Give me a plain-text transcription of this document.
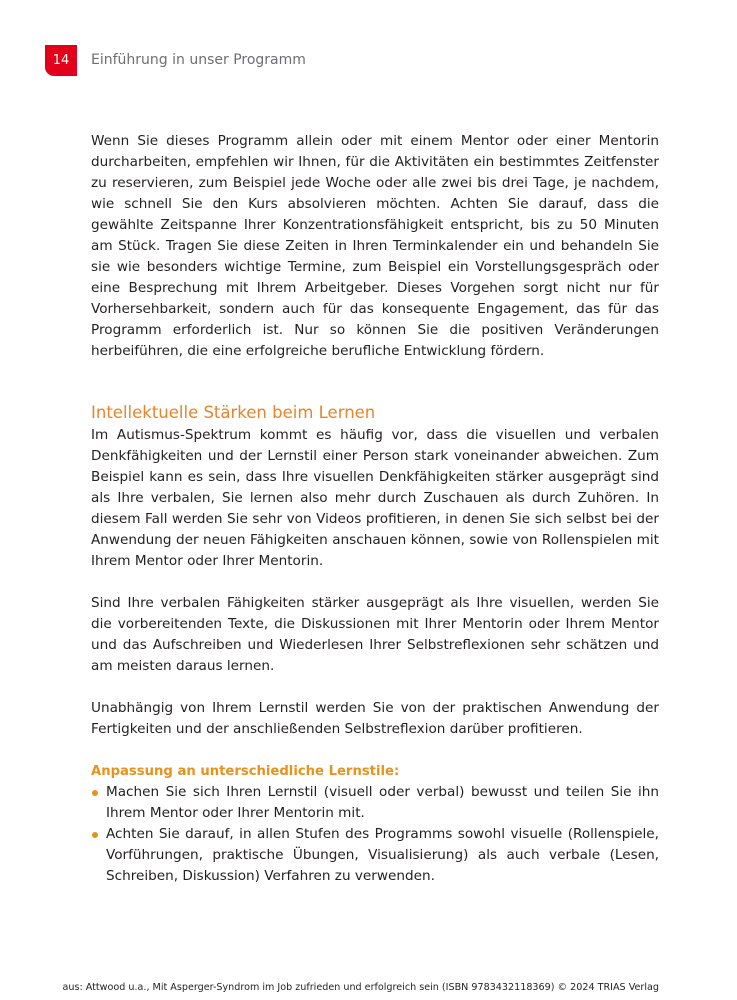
14	Einführung in unser Programm

Wenn Sie dieses Programm allein oder mit einem Mentor oder einer Mentorin durcharbeiten, empfehlen wir Ihnen, für die Aktivitäten ein bestimmtes Zeitfenster zu reservieren, zum Beispiel jede Woche oder alle zwei bis drei Tage, je nachdem, wie schnell Sie den Kurs absolvieren möchten. Achten Sie darauf, dass die gewählte Zeitspanne Ihrer Konzentrationsfähigkeit entspricht, bis zu 50 Minuten am Stück. Tragen Sie diese Zeiten in Ihren Terminkalender ein und behandeln Sie sie wie besonders wichtige Termine, zum Beispiel ein Vorstellungsgespräch oder eine Besprechung mit Ihrem Arbeitgeber. Dieses Vorgehen sorgt nicht nur für Vorhersehbarkeit, sondern auch für das konsequente Engagement, das für das Programm erforderlich ist. Nur so können Sie die positiven Veränderungen herbeiführen, die eine erfolgreiche berufliche Entwicklung fördern.

Intellektuelle Stärken beim Lernen

Im Autismus-Spektrum kommt es häufig vor, dass die visuellen und verbalen Denkfähigkeiten und der Lernstil einer Person stark voneinander abweichen. Zum Beispiel kann es sein, dass Ihre visuellen Denkfähigkeiten stärker ausgeprägt sind als Ihre verbalen, Sie lernen also mehr durch Zuschauen als durch Zuhören. In diesem Fall werden Sie sehr von Videos profitieren, in denen Sie sich selbst bei der Anwendung der neuen Fähigkeiten anschauen können, sowie von Rollenspielen mit Ihrem Mentor oder Ihrer Mentorin.

Sind Ihre verbalen Fähigkeiten stärker ausgeprägt als Ihre visuellen, werden Sie die vorbereitenden Texte, die Diskussionen mit Ihrer Mentorin oder Ihrem Mentor und das Aufschreiben und Wiederlesen Ihrer Selbstreflexionen sehr schätzen und am meisten daraus lernen.

Unabhängig von Ihrem Lernstil werden Sie von der praktischen Anwendung der Fertigkeiten und der anschließenden Selbstreflexion darüber profitieren.

Anpassung an unterschiedliche Lernstile:
Machen Sie sich Ihren Lernstil (visuell oder verbal) bewusst und teilen Sie ihn Ihrem Mentor oder Ihrer Mentorin mit.
Achten Sie darauf, in allen Stufen des Programms sowohl visuelle (Rollenspiele, Vorführungen, praktische Übungen, Visualisierung) als auch verbale (Lesen, Schreiben, Diskussion) Verfahren zu verwenden.
aus: Attwood u.a., Mit Asperger-Syndrom im Job zufrieden und erfolgreich sein (ISBN 9783432118369) © 2024 TRIAS Verlag
